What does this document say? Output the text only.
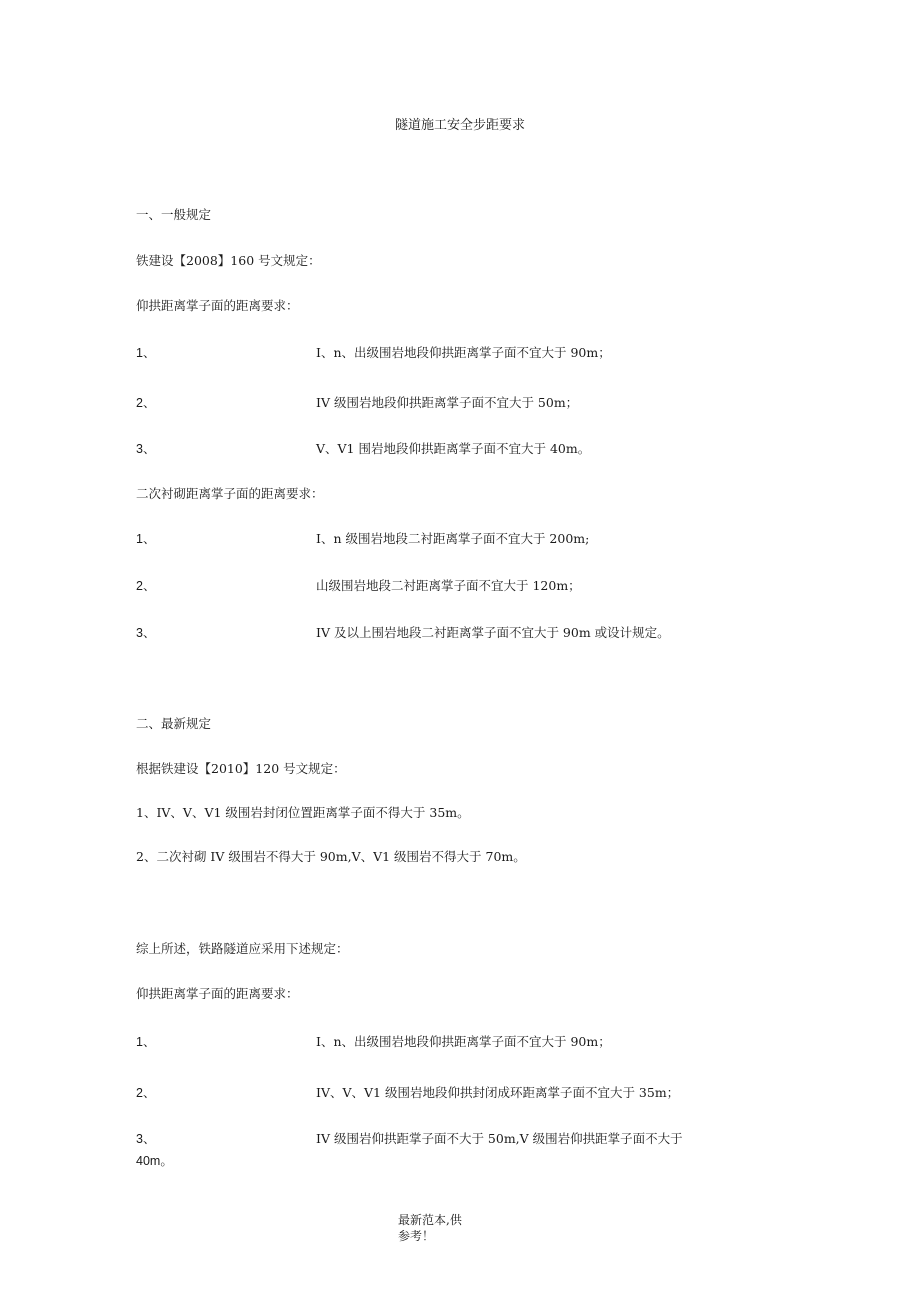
隧道施工安全步距要求
一、一般规定
铁建设【2008】160 号文规定：
仰拱距离掌子面的距离要求：
1、	I、n、出级围岩地段仰拱距离掌子面不宜大于 90m；
2、	IV 级围岩地段仰拱距离掌子面不宜大于 50m；
3、	V、V1 围岩地段仰拱距离掌子面不宜大于 40m。
二次衬砌距离掌子面的距离要求：
1、	I、n 级围岩地段二衬距离掌子面不宜大于 200m;
2、	山级围岩地段二衬距离掌子面不宜大于 120m；
3、	IV 及以上围岩地段二衬距离掌子面不宜大于 90m 或设计规定。
二、最新规定
根据铁建设【2010】120 号文规定：
1、IV、V、V1 级围岩封闭位置距离掌子面不得大于 35m。
2、二次衬砌 IV 级围岩不得大于 90m,V、V1 级围岩不得大于 70m。
综上所述，铁路隧道应采用下述规定：
仰拱距离掌子面的距离要求：
1、	I、n、出级围岩地段仰拱距离掌子面不宜大于 90m；
2、	IV、V、V1 级围岩地段仰拱封闭成环距离掌子面不宜大于 35m；
3、	IV 级围岩仰拱距掌子面不大于 50m,V 级围岩仰拱距掌子面不大于
40m。
最新范本,供
参考！
